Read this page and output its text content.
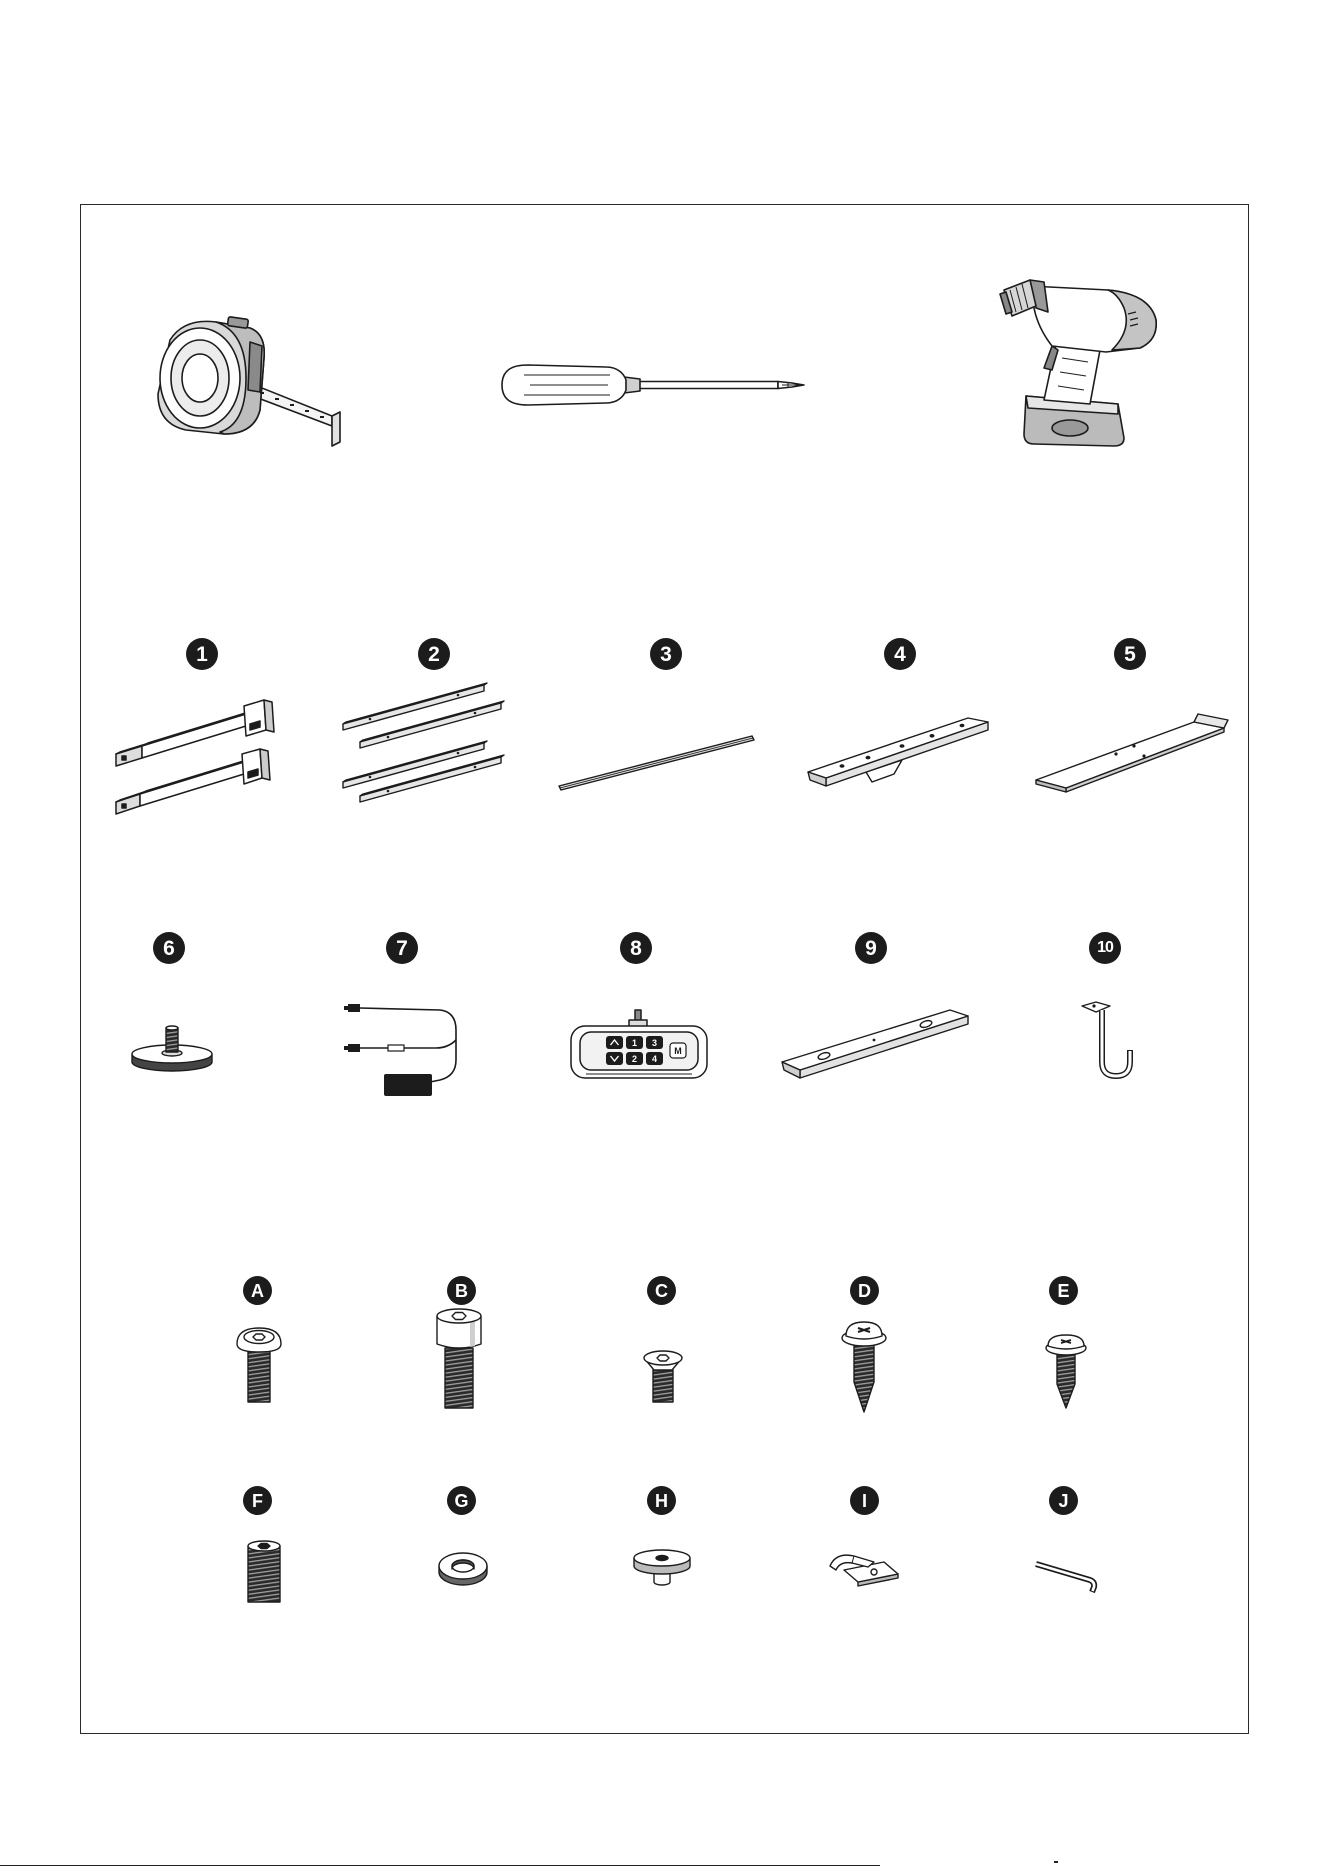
1	2	3	4	5
6	7	8	9	10
1
2
3
4
M
A	B	C	D	E
F	G	H	I	J
